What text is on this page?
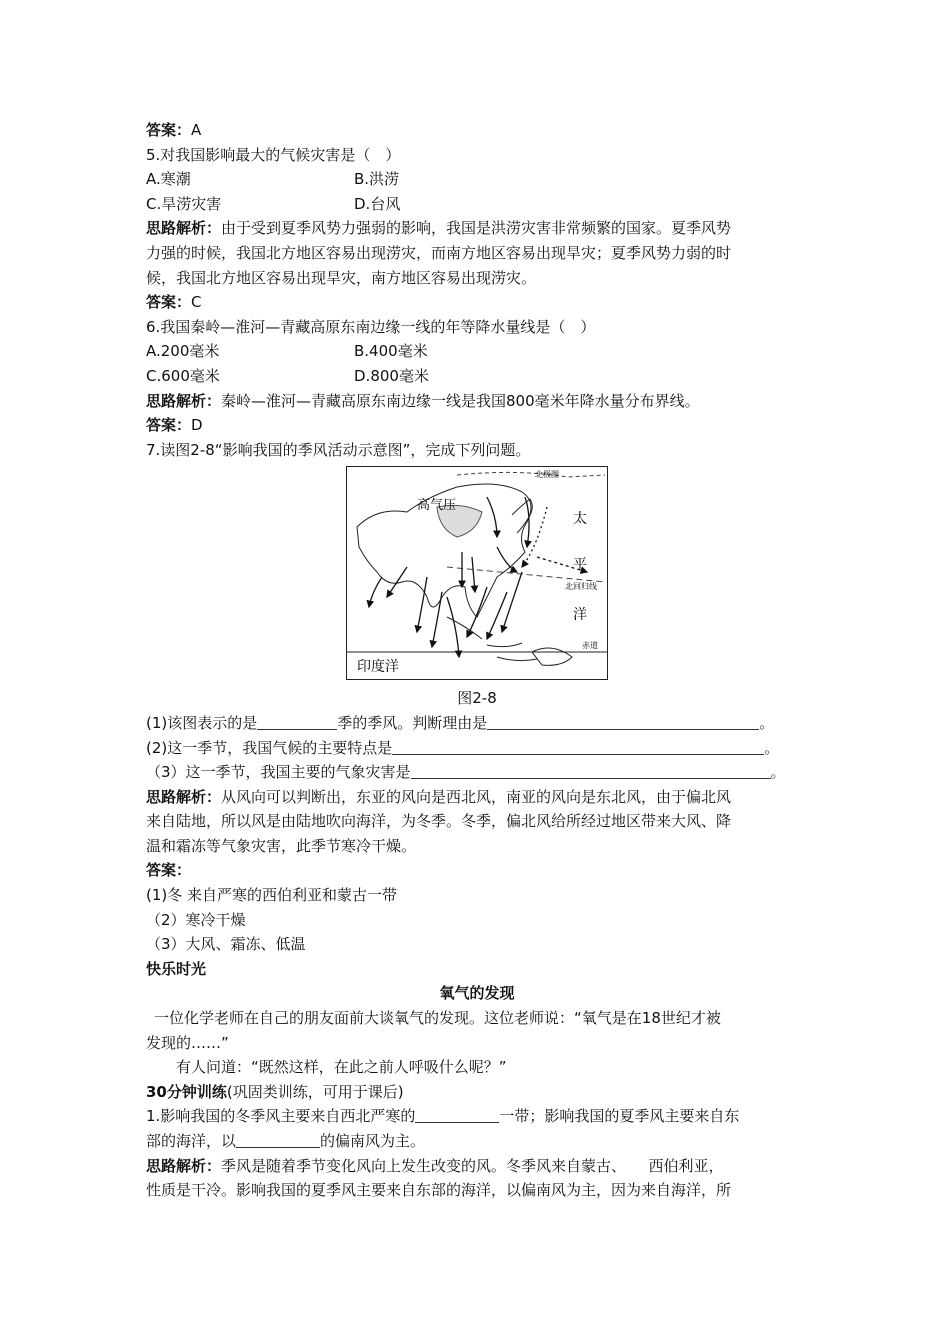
答案：A
5.对我国影响最大的气候灾害是（　）
A.寒潮	B.洪涝
C.旱涝灾害	D.台风
思路解析：由于受到夏季风势力强弱的影响，我国是洪涝灾害非常频繁的国家。夏季风势
力强的时候，我国北方地区容易出现涝灾，而南方地区容易出现旱灾；夏季风势力弱的时
候，我国北方地区容易出现旱灾，南方地区容易出现涝灾。
答案：C
6.我国秦岭—淮河—青藏高原东南边缘一线的年等降水量线是（　）
A.200毫米	B.400毫米
C.600毫米	D.800毫米
思路解析：秦岭—淮河—青藏高原东南边缘一线是我国800毫米年降水量分布界线。
答案：D
7.读图2-8“影响我国的季风活动示意图”，完成下列问题。
北极圈
高气压
北回归线
赤道
太
平
洋
印度洋
图2-8
(1)该图表示的是	季的季风。判断理由是	。
(2)这一季节，我国气候的主要特点是	。
（3）这一季节，我国主要的气象灾害是	。
思路解析：从风向可以判断出，东亚的风向是西北风，南亚的风向是东北风，由于偏北风
来自陆地，所以风是由陆地吹向海洋，为冬季。冬季，偏北风给所经过地区带来大风、降
温和霜冻等气象灾害，此季节寒冷干燥。
答案：
(1)冬 来自严寒的西伯利亚和蒙古一带
（2）寒冷干燥
（3）大风、霜冻、低温
快乐时光
氧气的发现
一位化学老师在自己的朋友面前大谈氧气的发现。这位老师说：“氧气是在18世纪才被
发现的……”
有人问道：“既然这样，在此之前人呼吸什么呢？”
30分钟训练(巩固类训练，可用于课后)
1.影响我国的冬季风主要来自西北严寒的	一带；影响我国的夏季风主要来自东
部的海洋，以	的偏南风为主。
思路解析：季风是随着季节变化风向上发生改变的风。冬季风来自蒙古、　　西伯利亚，
性质是干冷。影响我国的夏季风主要来自东部的海洋，以偏南风为主，因为来自海洋，所
